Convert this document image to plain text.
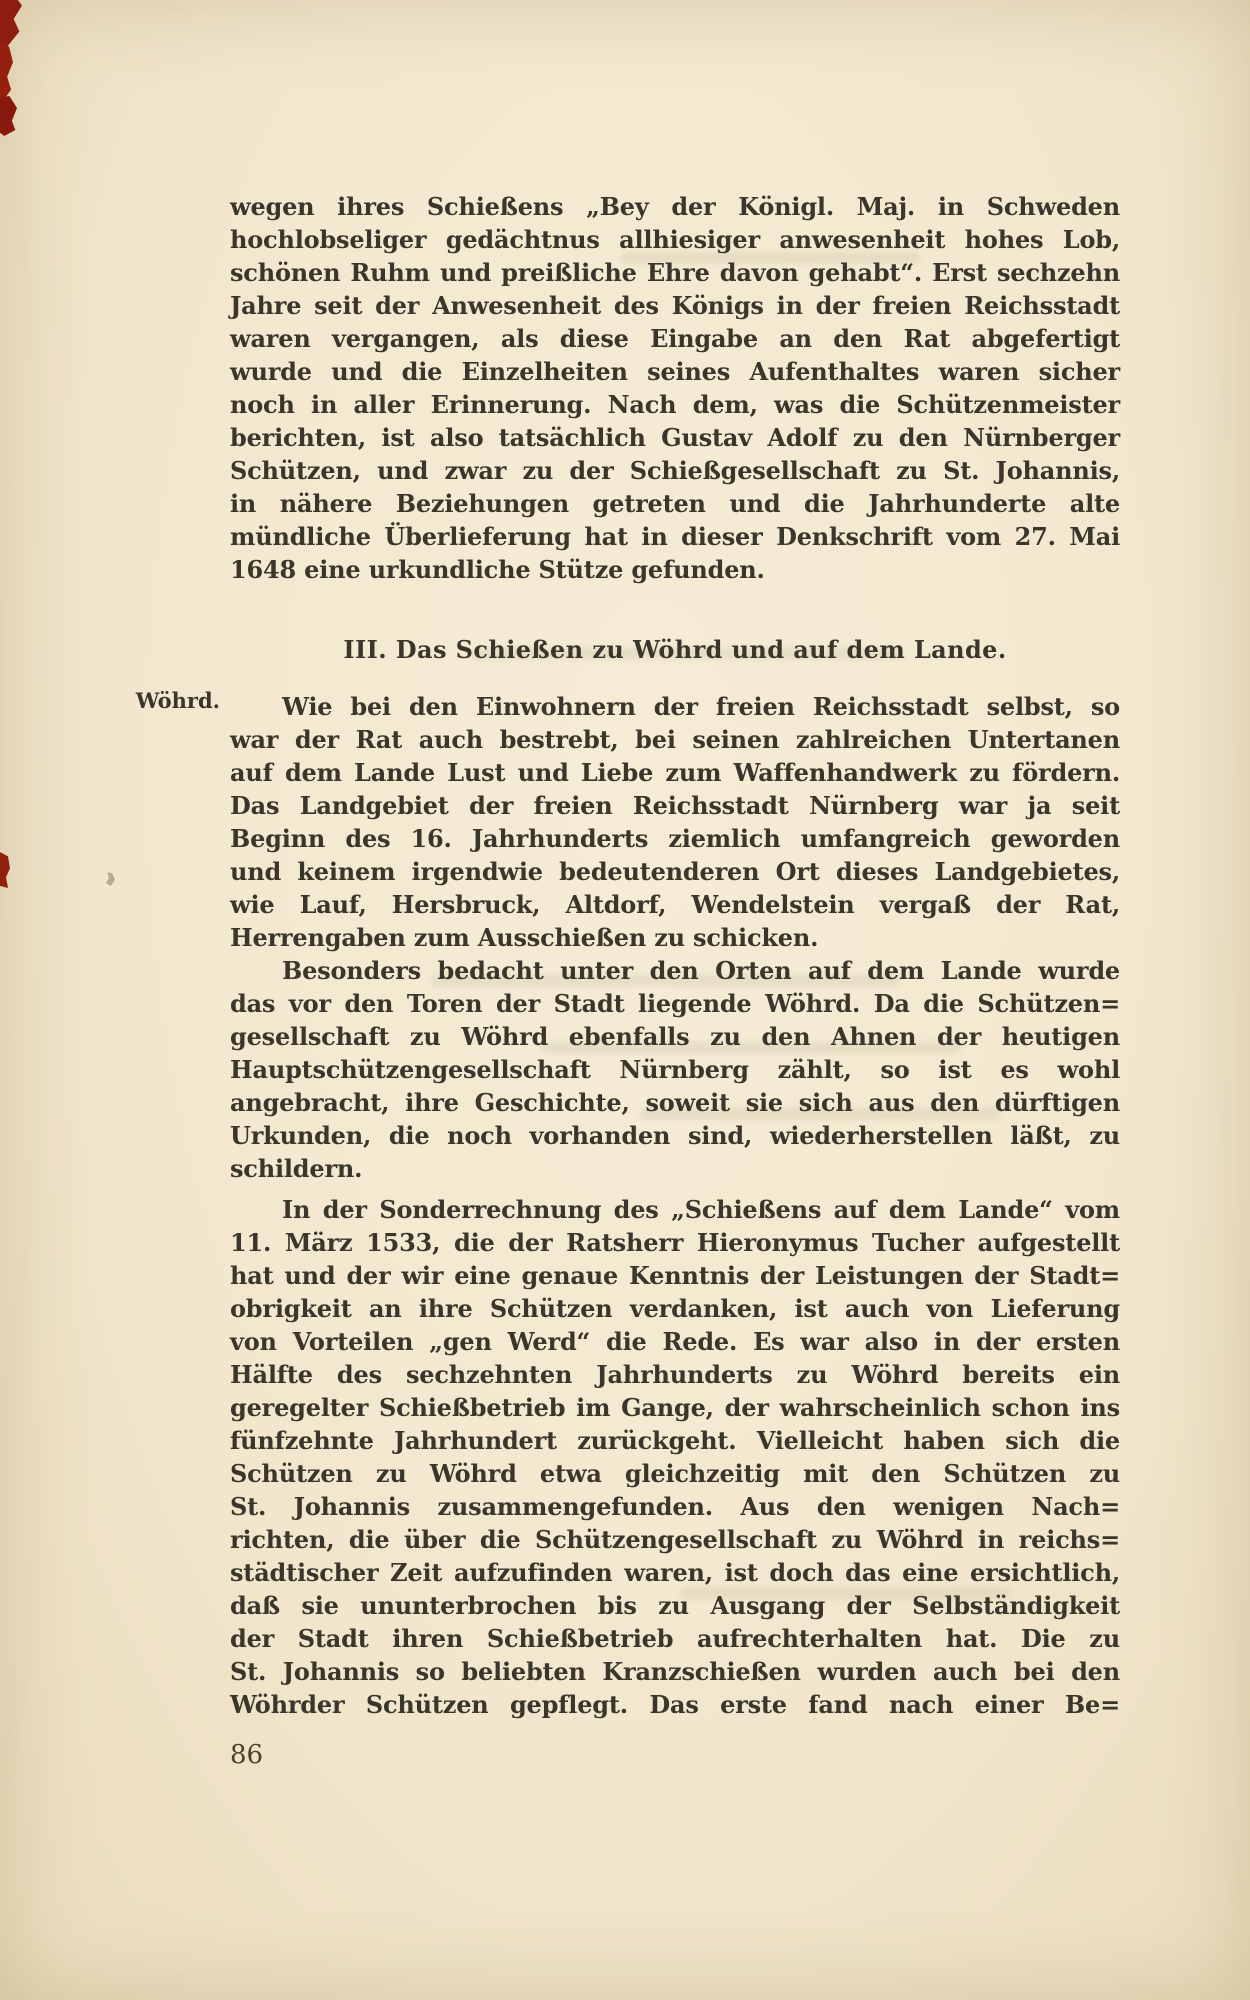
Wöhrd.
wegen ihres Schießens „Bey der Königl. Maj. in Schweden
hochlobseliger gedächtnus allhiesiger anwesenheit hohes Lob,
schönen Ruhm und preißliche Ehre davon gehabt“. Erst sechzehn
Jahre seit der Anwesenheit des Königs in der freien Reichsstadt
waren vergangen, als diese Eingabe an den Rat abgefertigt
wurde und die Einzelheiten seines Aufenthaltes waren sicher
noch in aller Erinnerung. Nach dem, was die Schützenmeister
berichten, ist also tatsächlich Gustav Adolf zu den Nürnberger
Schützen, und zwar zu der Schießgesellschaft zu St. Johannis,
in nähere Beziehungen getreten und die Jahrhunderte alte
mündliche Überlieferung hat in dieser Denkschrift vom 27. Mai
1648 eine urkundliche Stütze gefunden.
III. Das Schießen zu Wöhrd und auf dem Lande.
Wie bei den Einwohnern der freien Reichsstadt selbst, so
war der Rat auch bestrebt, bei seinen zahlreichen Untertanen
auf dem Lande Lust und Liebe zum Waffenhandwerk zu fördern.
Das Landgebiet der freien Reichsstadt Nürnberg war ja seit
Beginn des 16. Jahrhunderts ziemlich umfangreich geworden
und keinem irgendwie bedeutenderen Ort dieses Landgebietes,
wie Lauf, Hersbruck, Altdorf, Wendelstein vergaß der Rat,
Herrengaben zum Ausschießen zu schicken.
Besonders bedacht unter den Orten auf dem Lande wurde
das vor den Toren der Stadt liegende Wöhrd. Da die Schützen=
gesellschaft zu Wöhrd ebenfalls zu den Ahnen der heutigen
Hauptschützengesellschaft Nürnberg zählt, so ist es wohl
angebracht, ihre Geschichte, soweit sie sich aus den dürftigen
Urkunden, die noch vorhanden sind, wiederherstellen läßt, zu
schildern.
In der Sonderrechnung des „Schießens auf dem Lande“ vom
11. März 1533, die der Ratsherr Hieronymus Tucher aufgestellt
hat und der wir eine genaue Kenntnis der Leistungen der Stadt=
obrigkeit an ihre Schützen verdanken, ist auch von Lieferung
von Vorteilen „gen Werd“ die Rede. Es war also in der ersten
Hälfte des sechzehnten Jahrhunderts zu Wöhrd bereits ein
geregelter Schießbetrieb im Gange, der wahrscheinlich schon ins
fünfzehnte Jahrhundert zurückgeht. Vielleicht haben sich die
Schützen zu Wöhrd etwa gleichzeitig mit den Schützen zu
St. Johannis zusammengefunden. Aus den wenigen Nach=
richten, die über die Schützengesellschaft zu Wöhrd in reichs=
städtischer Zeit aufzufinden waren, ist doch das eine ersichtlich,
daß sie ununterbrochen bis zu Ausgang der Selbständigkeit
der Stadt ihren Schießbetrieb aufrechterhalten hat. Die zu
St. Johannis so beliebten Kranzschießen wurden auch bei den
Wöhrder Schützen gepflegt. Das erste fand nach einer Be=
86
